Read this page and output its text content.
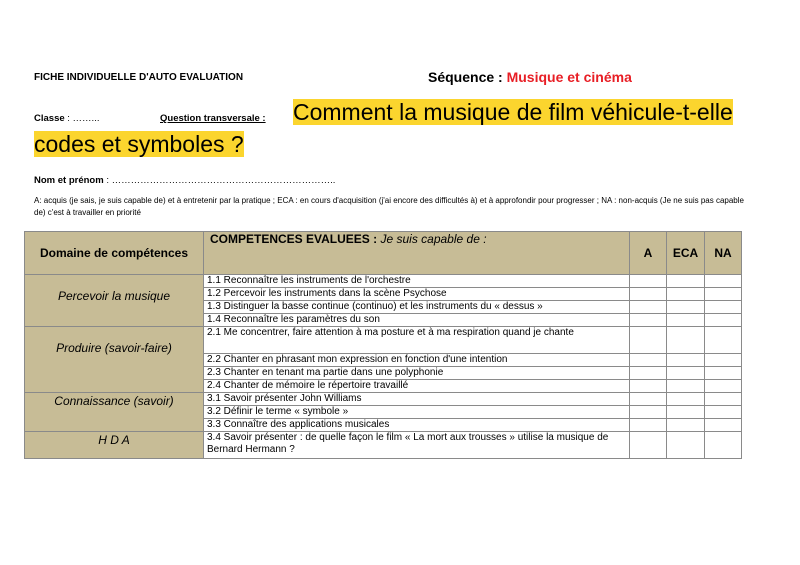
FICHE INDIVIDUELLE D'AUTO EVALUATION	Séquence : Musique et cinéma
Comment la musique de film véhicule-t-elle codes et symboles ?
Classe : ……...	Question transversale :
Nom et prénom : ……………………………………………………………..
A: acquis (je sais, je suis capable de) et à entretenir par la pratique ; ECA : en cours d'acquisition (j'ai encore des difficultés à) et à approfondir pour progresser ; NA : non-acquis (Je ne suis pas capable de) c'est à travailler en priorité
Domaine de compétences	COMPETENCES EVALUEES : Je suis capable de :	A	ECA	NA
Percevoir la musique	1.1 Reconnaître les instruments de l'orchestre			
	1.2 Percevoir les instruments dans la scène Psychose			
	1.3 Distinguer la basse continue (continuo) et les instruments du « dessus »			
	1.4 Reconnaître les paramètres du son			
Produire (savoir-faire)	2.1 Me concentrer, faire attention à ma posture et à ma respiration quand je chante			
	2.2 Chanter en phrasant mon expression en fonction d'une intention			
	2.3 Chanter en tenant ma partie dans une polyphonie			
	2.4 Chanter de mémoire le répertoire travaillé			
Connaissance (savoir)	3.1 Savoir présenter John Williams			
	3.2 Définir le terme « symbole »			
	3.3 Connaître des applications musicales			
H D A	3.4 Savoir présenter : de quelle façon le film « La mort aux trousses » utilise la musique de Bernard Hermann ?			
